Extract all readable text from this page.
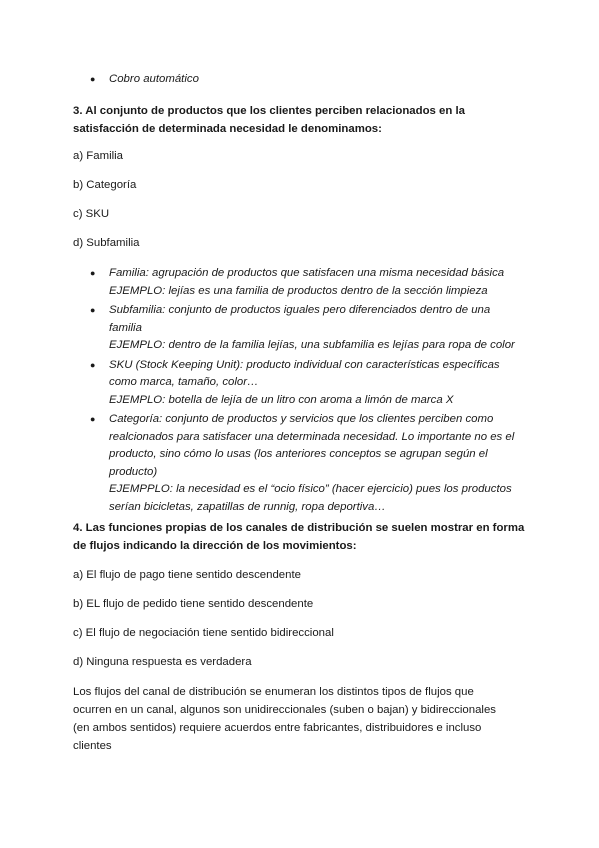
● Cobro automático
3. Al conjunto de productos que los clientes perciben relacionados en la
satisfacción de determinada necesidad le denominamos:
a) Familia
b) Categoría
c) SKU
d) Subfamilia
● Familia: agrupación de productos que satisfacen una misma necesidad básica
EJEMPLO: lejías es una familia de productos dentro de la sección limpieza
● Subfamilia: conjunto de productos iguales pero diferenciados dentro de una
familia
EJEMPLO: dentro de la familia lejías, una subfamilia es lejías para ropa de color
● SKU (Stock Keeping Unit): producto individual con características específicas
como marca, tamaño, color…
EJEMPLO: botella de lejía de un litro con aroma a limón de marca X
● Categoría: conjunto de productos y servicios que los clientes perciben como
realcionados para satisfacer una determinada necesidad. Lo importante no es el
producto, sino cómo lo usas (los anteriores conceptos se agrupan según el
producto)
EJEMPPLO: la necesidad es el “ocio físico” (hacer ejercicio) pues los productos
serían bicicletas, zapatillas de runnig, ropa deportiva…
4. Las funciones propias de los canales de distribución se suelen mostrar en forma
de flujos indicando la dirección de los movimientos:
a) El flujo de pago tiene sentido descendente
b) EL flujo de pedido tiene sentido descendente
c) El flujo de negociación tiene sentido bidireccional
d) Ninguna respuesta es verdadera
Los flujos del canal de distribución se enumeran los distintos tipos de flujos que
ocurren en un canal, algunos son unidireccionales (suben o bajan) y bidireccionales
(en ambos sentidos) requiere acuerdos entre fabricantes, distribuidores e incluso
clientes
